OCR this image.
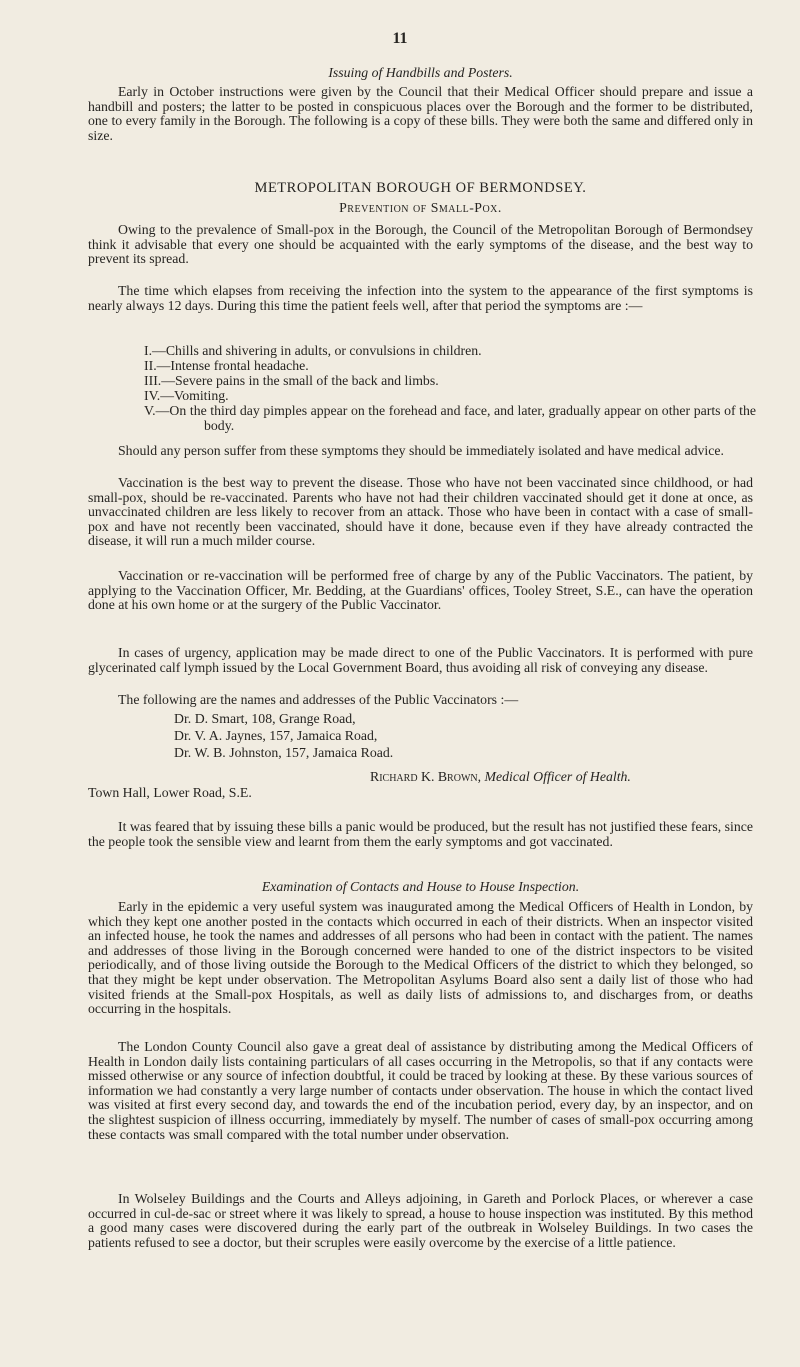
11

Issuing of Handbills and Posters.

Early in October instructions were given by the Council that their Medical Officer should prepare and issue a handbill and posters; the latter to be posted in conspicuous places over the Borough and the former to be distributed, one to every family in the Borough. The following is a copy of these bills. They were both the same and differed only in size.

METROPOLITAN BOROUGH OF BERMONDSEY.

Prevention of Small-Pox.

Owing to the prevalence of Small-pox in the Borough, the Council of the Metropolitan Borough of Bermondsey think it advisable that every one should be acquainted with the early symptoms of the disease, and the best way to prevent its spread.

The time which elapses from receiving the infection into the system to the appearance of the first symptoms is nearly always 12 days. During this time the patient feels well, after that period the symptoms are :—

I.—Chills and shivering in adults, or convulsions in children.

II.—Intense frontal headache.

III.—Severe pains in the small of the back and limbs.

IV.—Vomiting.

V.—On the third day pimples appear on the forehead and face, and later, gradually appear on other parts of the body.

Should any person suffer from these symptoms they should be immediately isolated and have medical advice.

Vaccination is the best way to prevent the disease. Those who have not been vaccinated since childhood, or had small-pox, should be re-vaccinated. Parents who have not had their children vaccinated should get it done at once, as unvaccinated children are less likely to recover from an attack. Those who have been in contact with a case of small-pox and have not recently been vaccinated, should have it done, because even if they have already contracted the disease, it will run a much milder course.

Vaccination or re-vaccination will be performed free of charge by any of the Public Vaccinators. The patient, by applying to the Vaccination Officer, Mr. Bedding, at the Guardians' offices, Tooley Street, S.E., can have the operation done at his own home or at the surgery of the Public Vaccinator.

In cases of urgency, application may be made direct to one of the Public Vaccinators. It is performed with pure glycerinated calf lymph issued by the Local Government Board, thus avoiding all risk of conveying any disease.

The following are the names and addresses of the Public Vaccinators :—

Dr. D. Smart, 108, Grange Road,

Dr. V. A. Jaynes, 157, Jamaica Road,

Dr. W. B. Johnston, 157, Jamaica Road.

Richard K. Brown, Medical Officer of Health.

Town Hall, Lower Road, S.E.

It was feared that by issuing these bills a panic would be produced, but the result has not justified these fears, since the people took the sensible view and learnt from them the early symptoms and got vaccinated.

Examination of Contacts and House to House Inspection.

Early in the epidemic a very useful system was inaugurated among the Medical Officers of Health in London, by which they kept one another posted in the contacts which occurred in each of their districts. When an inspector visited an infected house, he took the names and addresses of all persons who had been in contact with the patient. The names and addresses of those living in the Borough concerned were handed to one of the district inspectors to be visited periodically, and of those living outside the Borough to the Medical Officers of the district to which they belonged, so that they might be kept under observation. The Metropolitan Asylums Board also sent a daily list of those who had visited friends at the Small-pox Hospitals, as well as daily lists of admissions to, and discharges from, or deaths occurring in the hospitals.

The London County Council also gave a great deal of assistance by distributing among the Medical Officers of Health in London daily lists containing particulars of all cases occurring in the Metropolis, so that if any contacts were missed otherwise or any source of infection doubtful, it could be traced by looking at these. By these various sources of information we had constantly a very large number of contacts under observation. The house in which the contact lived was visited at first every second day, and towards the end of the incubation period, every day, by an inspector, and on the slightest suspicion of illness occurring, immediately by myself. The number of cases of small-pox occurring among these contacts was small compared with the total number under observation.

In Wolseley Buildings and the Courts and Alleys adjoining, in Gareth and Porlock Places, or wherever a case occurred in cul-de-sac or street where it was likely to spread, a house to house inspection was instituted. By this method a good many cases were discovered during the early part of the outbreak in Wolseley Buildings. In two cases the patients refused to see a doctor, but their scruples were easily overcome by the exercise of a little patience.
